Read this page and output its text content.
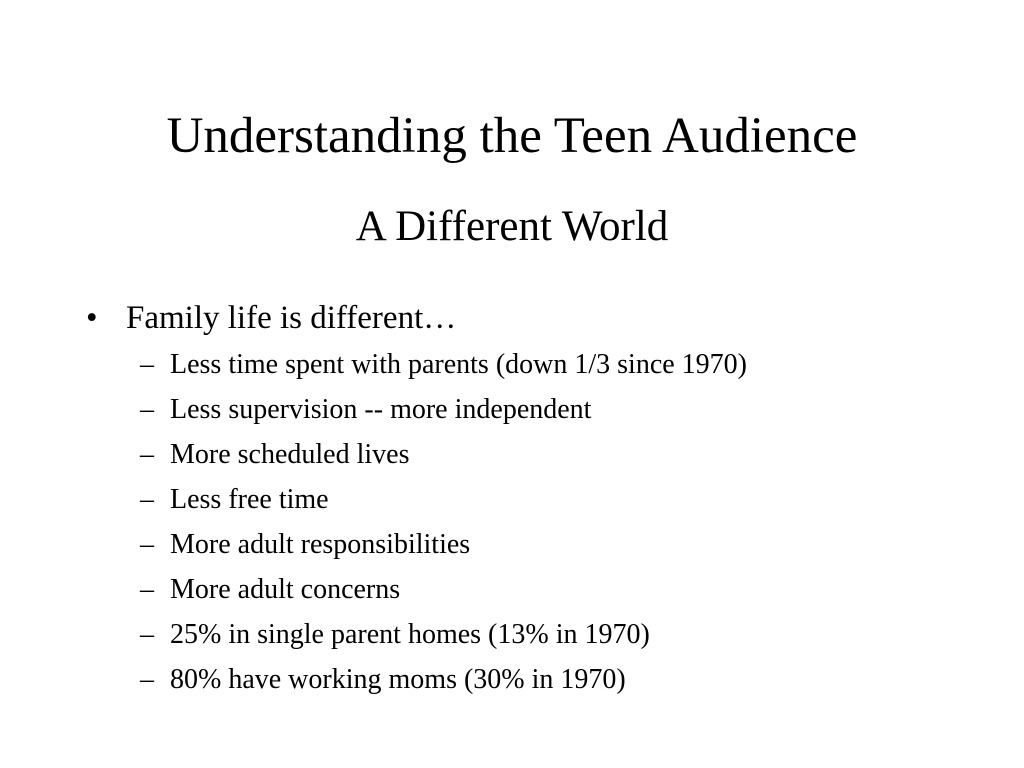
Understanding the Teen Audience
A Different World
• Family life is different…
– Less time spent with parents (down 1/3 since 1970)
– Less supervision -- more independent
– More scheduled lives
– Less free time
– More adult responsibilities
– More adult concerns
– 25% in single parent homes (13% in 1970)
– 80% have working moms (30% in 1970)
